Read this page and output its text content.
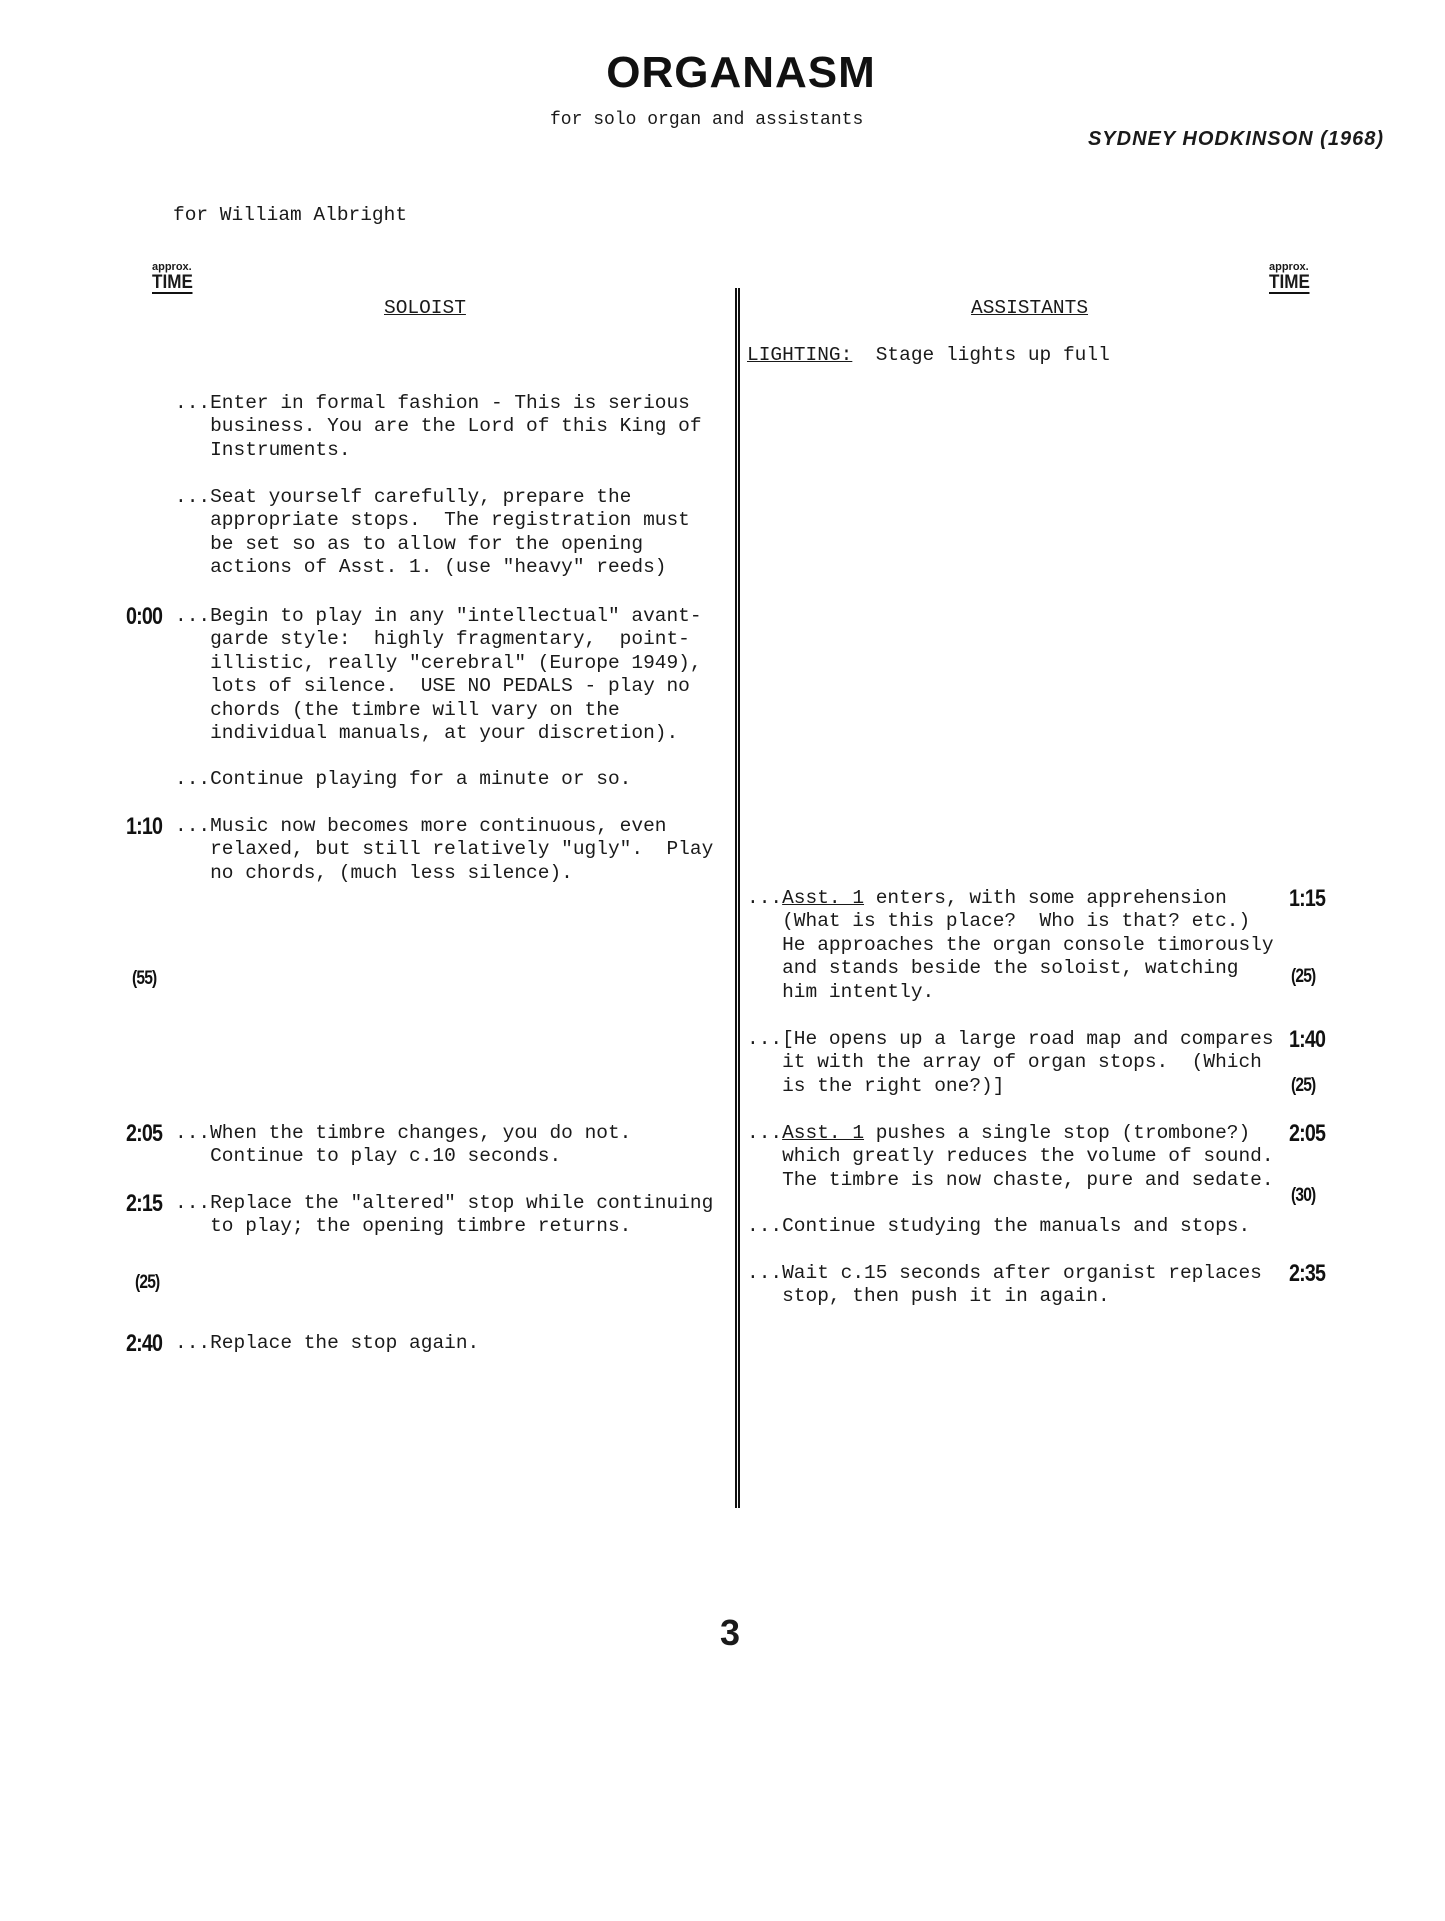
ORGANASM
for solo organ and assistants
SYDNEY HODKINSON (1968)
for William Albright
approx.
TIME
approx.
TIME
SOLOIST	ASSISTANTS
LIGHTING:  Stage lights up full
...Enter in formal fashion - This is serious
business. You are the Lord of this King of
Instruments.
...Seat yourself carefully, prepare the
appropriate stops.  The registration must
be set so as to allow for the opening
actions of Asst. 1. (use "heavy" reeds)
...Begin to play in any "intellectual" avant-
garde style:  highly fragmentary,  point-
illistic, really "cerebral" (Europe 1949),
lots of silence.  USE NO PEDALS - play no
chords (the timbre will vary on the
individual manuals, at your discretion).
0:00
...Continue playing for a minute or so.
...Music now becomes more continuous, even
relaxed, but still relatively "ugly".  Play
no chords, (much less silence).
1:10
...When the timbre changes, you do not.
Continue to play c.10 seconds.
2:05
...Replace the "altered" stop while continuing
to play; the opening timbre returns.
2:15
...Replace the stop again.
2:40
...Asst. 1 enters, with some apprehension
(What is this place?  Who is that? etc.)
He approaches the organ console timorously
and stands beside the soloist, watching
him intently.
1:15
(25)
...[He opens up a large road map and compares
it with the array of organ stops.  (Which
is the right one?)]
1:40
(25)
...Asst. 1 pushes a single stop (trombone?)
which greatly reduces the volume of sound.
The timbre is now chaste, pure and sedate.
2:05
(30)
...Continue studying the manuals and stops.
...Wait c.15 seconds after organist replaces
stop, then push it in again.
2:35
(55)
(25)
3
